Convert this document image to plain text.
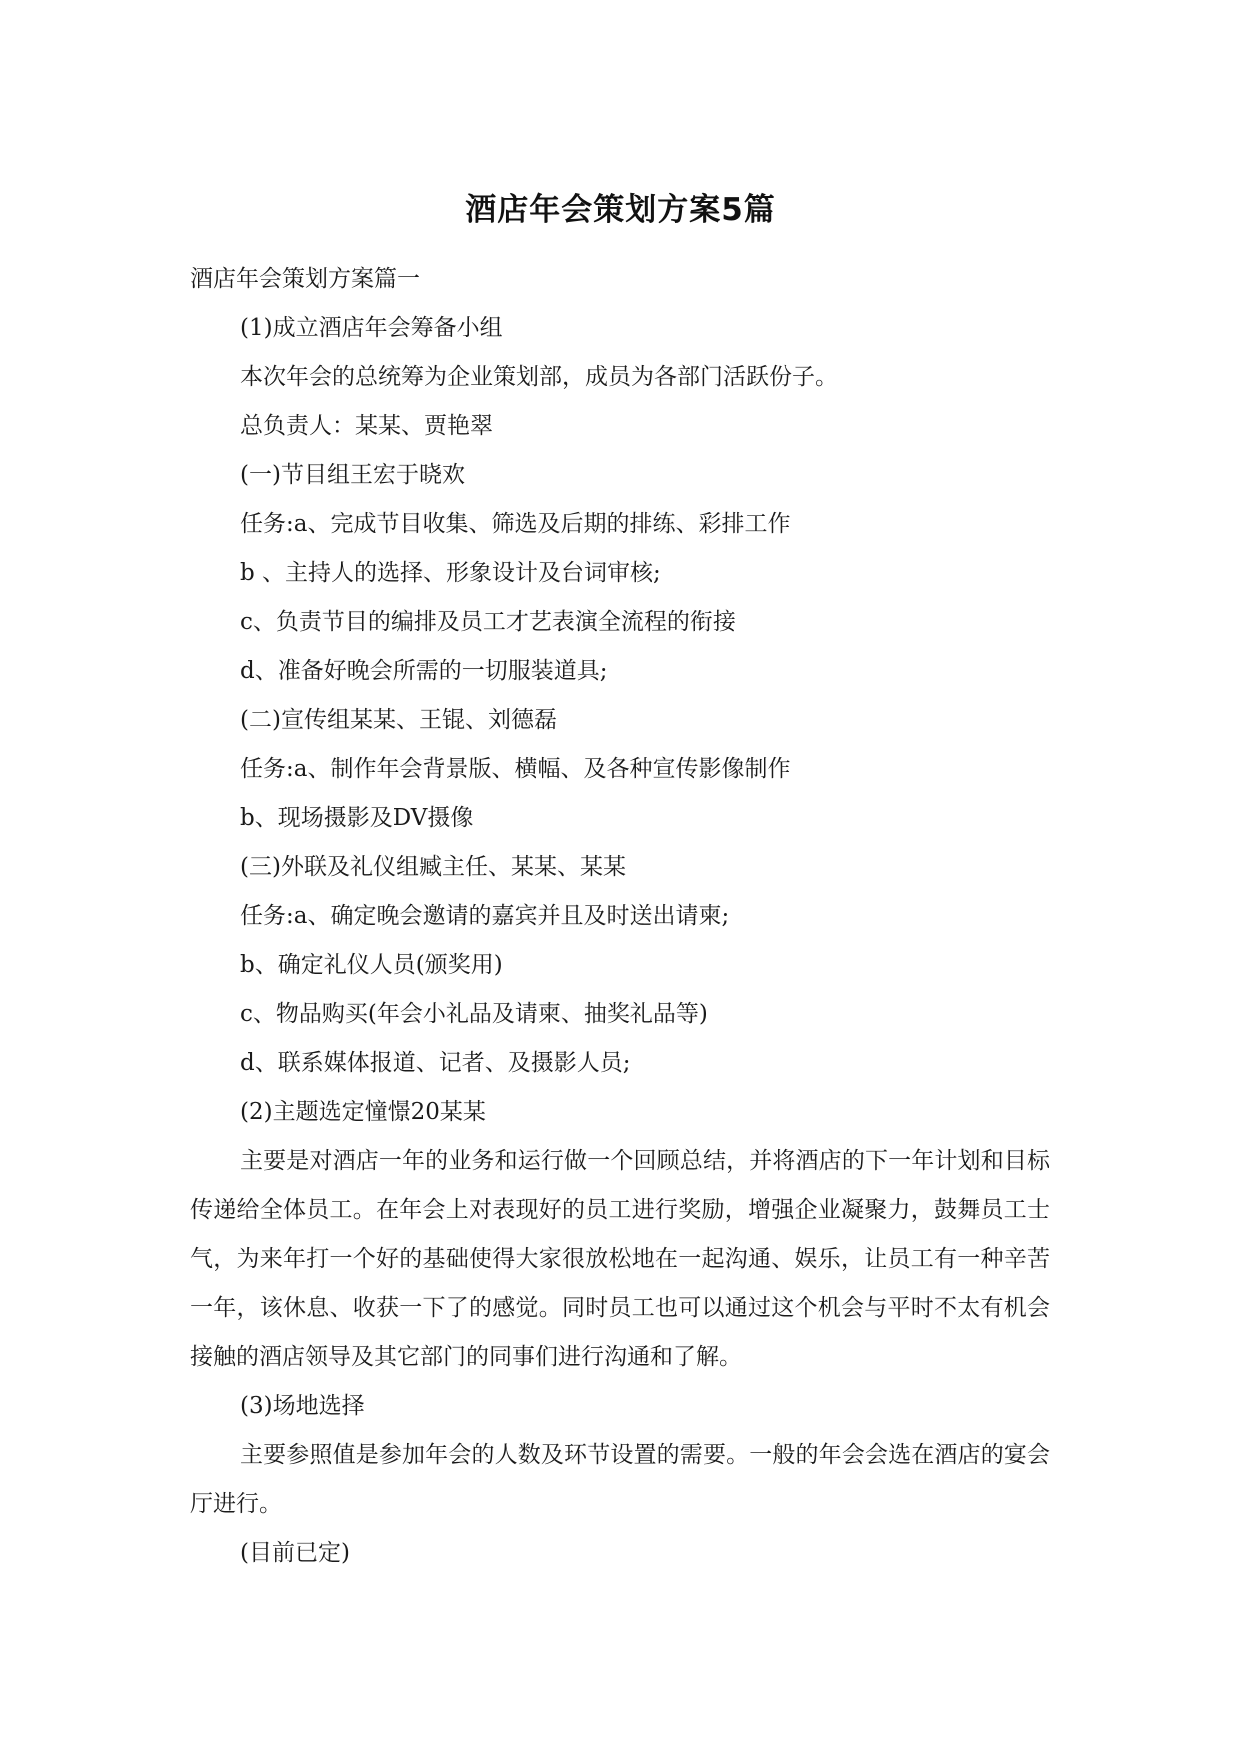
酒店年会策划方案5篇
酒店年会策划方案篇一
(1)成立酒店年会筹备小组
本次年会的总统筹为企业策划部，成员为各部门活跃份子。
总负责人：某某、贾艳翠
(一)节目组王宏于晓欢
任务:a、完成节目收集、筛选及后期的排练、彩排工作
b 、主持人的选择、形象设计及台词审核;
c、负责节目的编排及员工才艺表演全流程的衔接
d、准备好晚会所需的一切服装道具;
(二)宣传组某某、王锟、刘德磊
任务:a、制作年会背景版、横幅、及各种宣传影像制作
b、现场摄影及DV摄像
(三)外联及礼仪组臧主任、某某、某某
任务:a、确定晚会邀请的嘉宾并且及时送出请柬;
b、确定礼仪人员(颁奖用)
c、物品购买(年会小礼品及请柬、抽奖礼品等)
d、联系媒体报道、记者、及摄影人员;
(2)主题选定憧憬20某某

主要是对酒店一年的业务和运行做一个回顾总结，并将酒店的下一年计划和目标传递给全体员工。在年会上对表现好的员工进行奖励，增强企业凝聚力，鼓舞员工士气，为来年打一个好的基础使得大家很放松地在一起沟通、娱乐，让员工有一种辛苦一年，该休息、收获一下了的感觉。同时员工也可以通过这个机会与平时不太有机会接触的酒店领导及其它部门的同事们进行沟通和了解。

(3)场地选择

主要参照值是参加年会的人数及环节设置的需要。一般的年会会选在酒店的宴会厅进行。

(目前已定)
